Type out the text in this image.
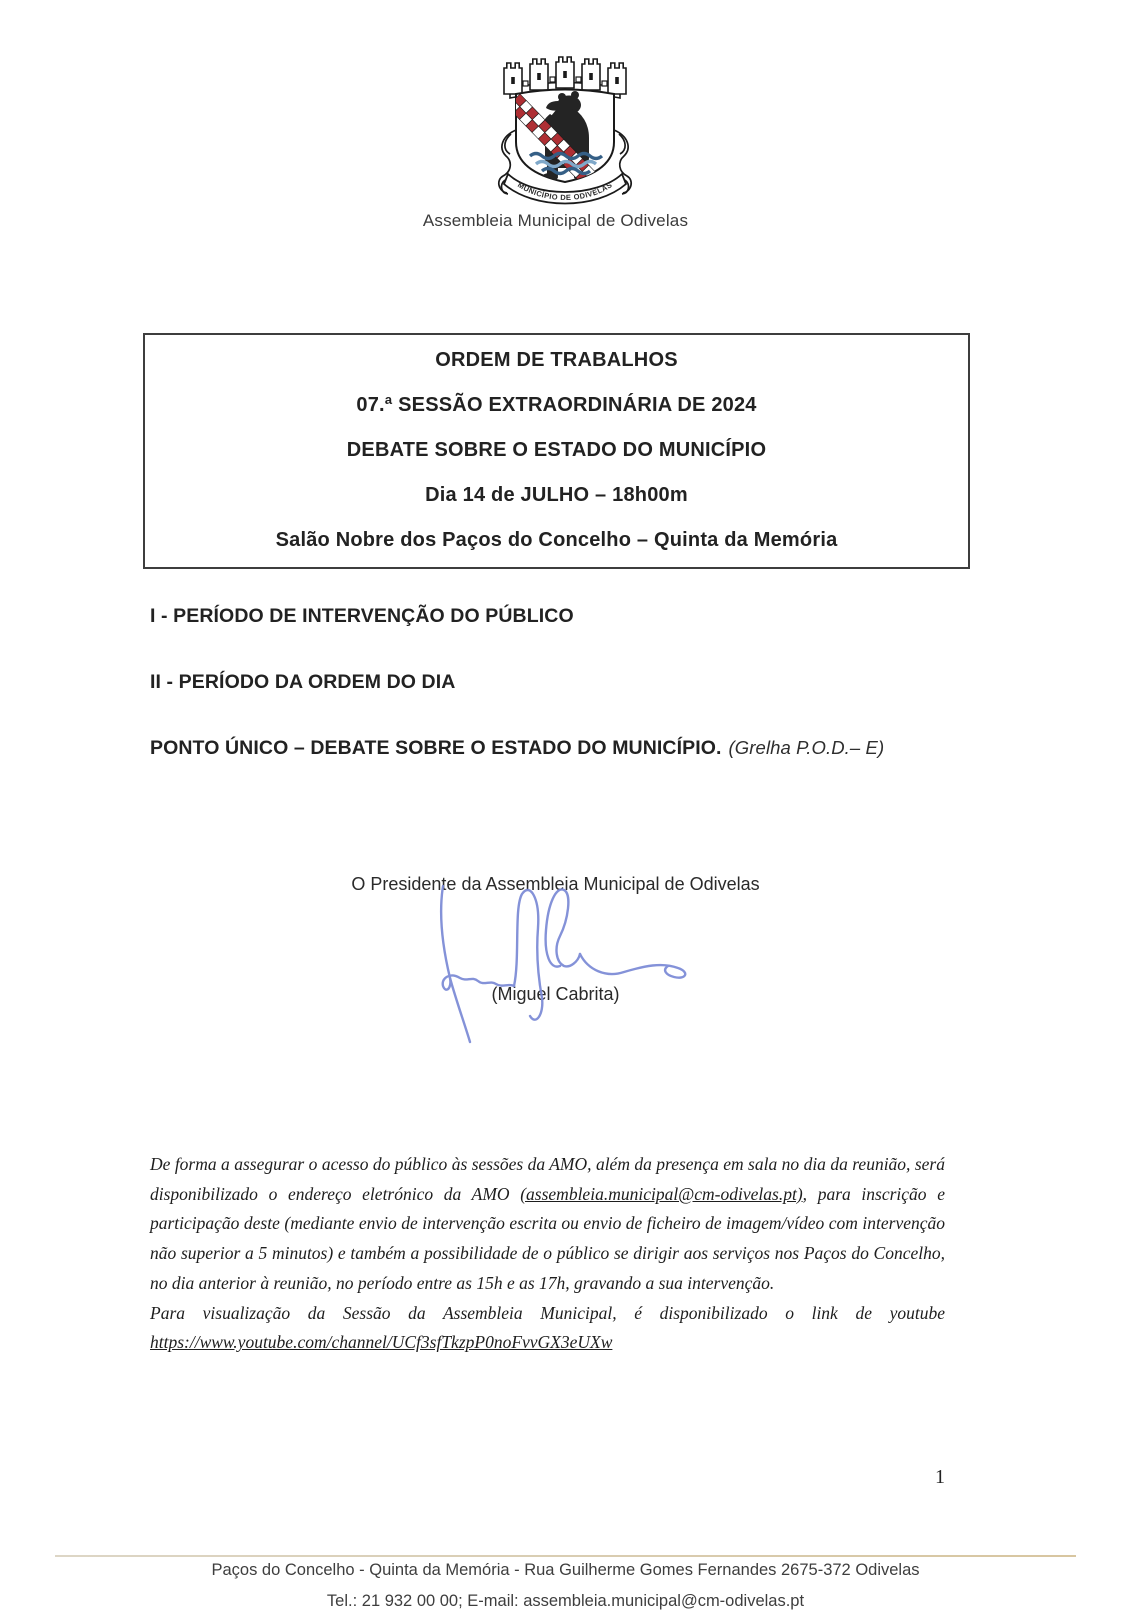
MUNICÍPIO DE ODIVELAS
Assembleia Municipal de Odivelas
ORDEM DE TRABALHOS
07.ª SESSÃO EXTRAORDINÁRIA DE 2024
DEBATE SOBRE O ESTADO DO MUNICÍPIO
Dia 14 de JULHO – 18h00m
Salão Nobre dos Paços do Concelho – Quinta da Memória
I - PERÍODO DE INTERVENÇÃO DO PÚBLICO
II - PERÍODO DA ORDEM DO DIA
PONTO ÚNICO – DEBATE SOBRE O ESTADO DO MUNICÍPIO. (Grelha P.O.D.– E)
O Presidente da Assembleia Municipal de Odivelas
(Miguel Cabrita)

De forma a assegurar o acesso do público às sessões da AMO, além da presença em sala no dia da reunião, será disponibilizado o endereço eletrónico da AMO (assembleia.municipal@cm-odivelas.pt), para inscrição e participação deste (mediante envio de intervenção escrita ou envio de ficheiro de imagem/vídeo com intervenção não superior a 5 minutos) e também a possibilidade de o público se dirigir aos serviços nos Paços do Concelho, no dia anterior à reunião, no período entre as 15h e as 17h, gravando a sua intervenção.

Para visualização da Sessão da Assembleia Municipal, é disponibilizado o link de youtube

https://www.youtube.com/channel/UCf3sfTkzpP0noFvvGX3eUXw

1
Paços do Concelho - Quinta da Memória - Rua Guilherme Gomes Fernandes 2675-372 Odivelas
Tel.: 21 932 00 00; E-mail: assembleia.municipal@cm-odivelas.pt
